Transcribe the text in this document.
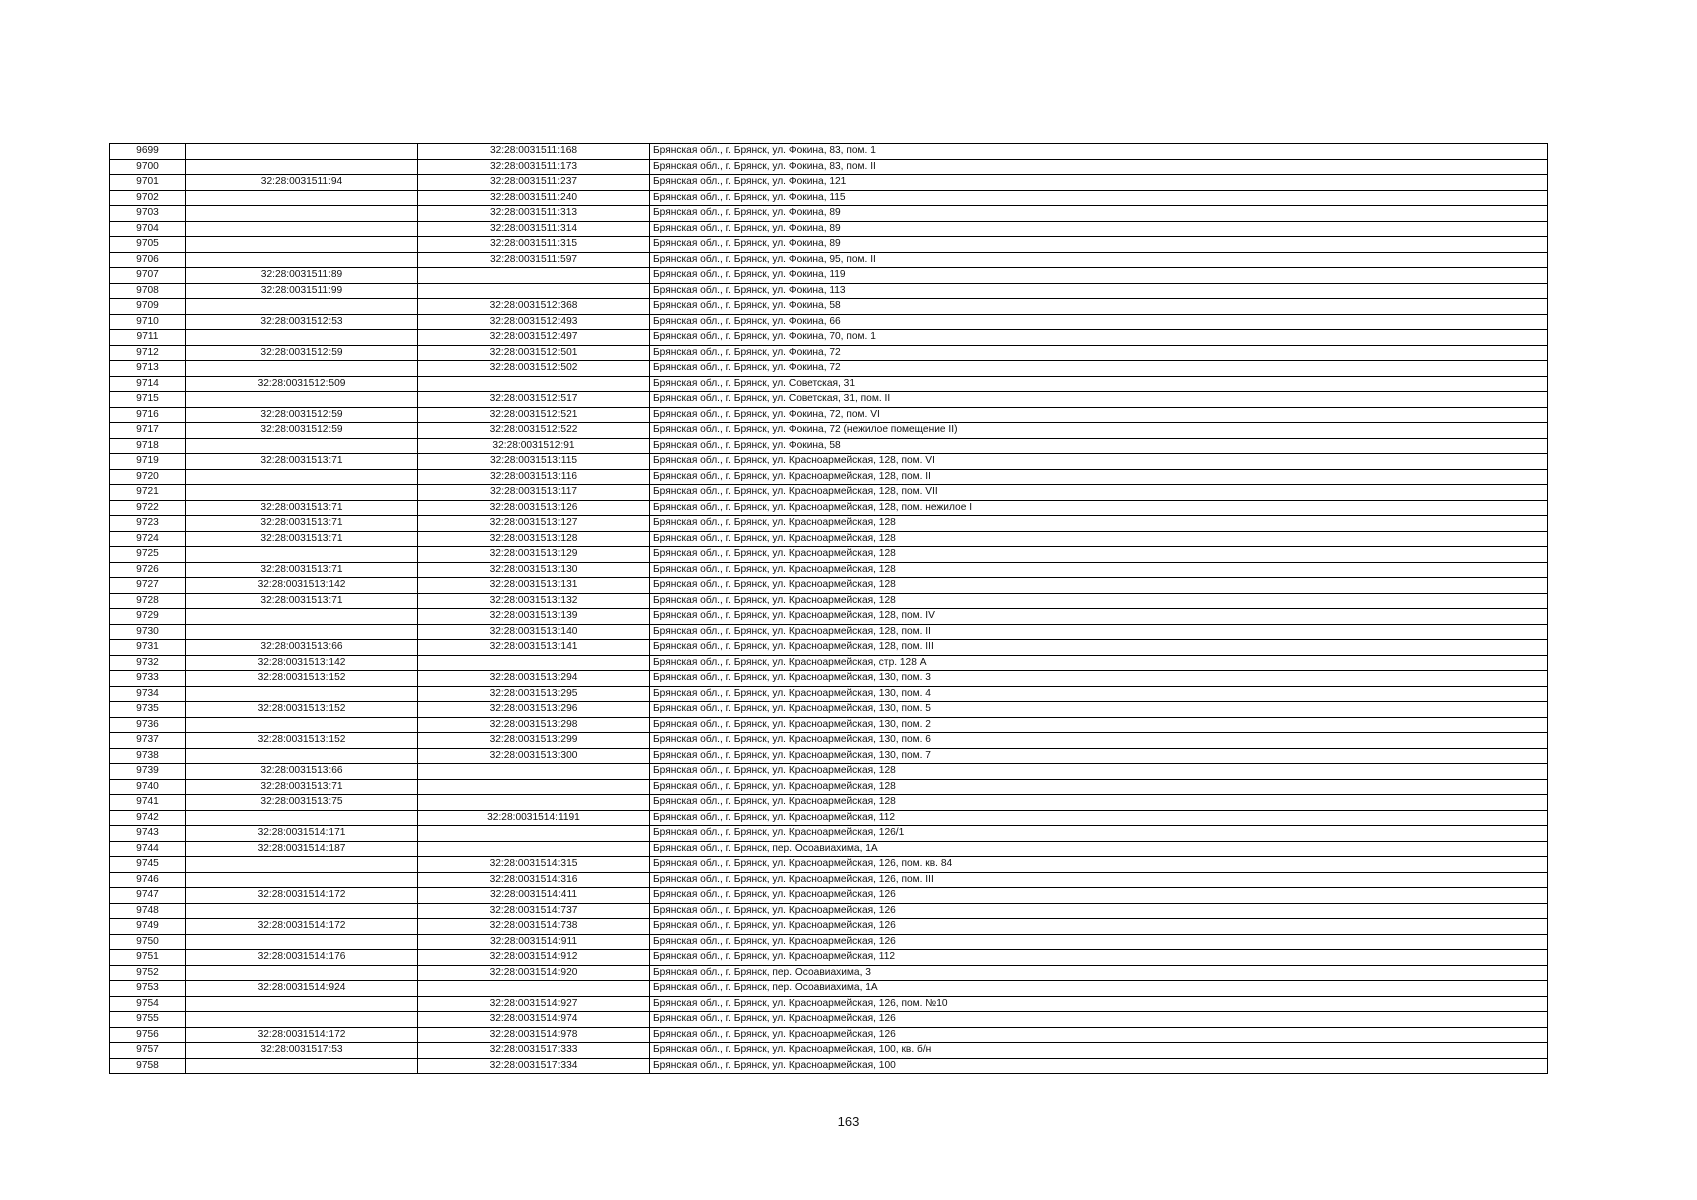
9699		32:28:0031511:168	Брянская обл., г. Брянск, ул. Фокина, 83, пом. 1
9700		32:28:0031511:173	Брянская обл., г. Брянск, ул. Фокина, 83, пом. II
9701	32:28:0031511:94	32:28:0031511:237	Брянская обл., г. Брянск, ул. Фокина, 121
9702		32:28:0031511:240	Брянская обл., г. Брянск, ул. Фокина, 115
9703		32:28:0031511:313	Брянская обл., г. Брянск, ул. Фокина, 89
9704		32:28:0031511:314	Брянская обл., г. Брянск, ул. Фокина, 89
9705		32:28:0031511:315	Брянская обл., г. Брянск, ул. Фокина, 89
9706		32:28:0031511:597	Брянская обл., г. Брянск, ул. Фокина, 95, пом. II
9707	32:28:0031511:89		Брянская обл., г. Брянск, ул. Фокина, 119
9708	32:28:0031511:99		Брянская обл., г. Брянск, ул. Фокина, 113
9709		32:28:0031512:368	Брянская обл., г. Брянск, ул. Фокина, 58
9710	32:28:0031512:53	32:28:0031512:493	Брянская обл., г. Брянск, ул. Фокина, 66
9711		32:28:0031512:497	Брянская обл., г. Брянск, ул. Фокина, 70, пом. 1
9712	32:28:0031512:59	32:28:0031512:501	Брянская обл., г. Брянск, ул. Фокина, 72
9713		32:28:0031512:502	Брянская обл., г. Брянск, ул. Фокина, 72
9714	32:28:0031512:509		Брянская обл., г. Брянск, ул. Советская, 31
9715		32:28:0031512:517	Брянская обл., г. Брянск, ул. Советская, 31, пом. II
9716	32:28:0031512:59	32:28:0031512:521	Брянская обл., г. Брянск, ул. Фокина, 72, пом. VI
9717	32:28:0031512:59	32:28:0031512:522	Брянская обл., г. Брянск, ул. Фокина, 72 (нежилое помещение II)
9718		32:28:0031512:91	Брянская обл., г. Брянск, ул. Фокина, 58
9719	32:28:0031513:71	32:28:0031513:115	Брянская обл., г. Брянск, ул. Красноармейская, 128, пом. VI
9720		32:28:0031513:116	Брянская обл., г. Брянск, ул. Красноармейская, 128, пом. II
9721		32:28:0031513:117	Брянская обл., г. Брянск, ул. Красноармейская, 128, пом. VII
9722	32:28:0031513:71	32:28:0031513:126	Брянская обл., г. Брянск, ул. Красноармейская, 128, пом. нежилое I
9723	32:28:0031513:71	32:28:0031513:127	Брянская обл., г. Брянск, ул. Красноармейская, 128
9724	32:28:0031513:71	32:28:0031513:128	Брянская обл., г. Брянск, ул. Красноармейская, 128
9725		32:28:0031513:129	Брянская обл., г. Брянск, ул. Красноармейская, 128
9726	32:28:0031513:71	32:28:0031513:130	Брянская обл., г. Брянск, ул. Красноармейская, 128
9727	32:28:0031513:142	32:28:0031513:131	Брянская обл., г. Брянск, ул. Красноармейская, 128
9728	32:28:0031513:71	32:28:0031513:132	Брянская обл., г. Брянск, ул. Красноармейская, 128
9729		32:28:0031513:139	Брянская обл., г. Брянск, ул. Красноармейская, 128, пом. IV
9730		32:28:0031513:140	Брянская обл., г. Брянск, ул. Красноармейская, 128, пом. II
9731	32:28:0031513:66	32:28:0031513:141	Брянская обл., г. Брянск, ул. Красноармейская, 128, пом. III
9732	32:28:0031513:142		Брянская обл., г. Брянск, ул. Красноармейская, стр. 128 А
9733	32:28:0031513:152	32:28:0031513:294	Брянская обл., г. Брянск, ул. Красноармейская, 130, пом. 3
9734		32:28:0031513:295	Брянская обл., г. Брянск, ул. Красноармейская, 130, пом. 4
9735	32:28:0031513:152	32:28:0031513:296	Брянская обл., г. Брянск, ул. Красноармейская, 130, пом. 5
9736		32:28:0031513:298	Брянская обл., г. Брянск, ул. Красноармейская, 130, пом. 2
9737	32:28:0031513:152	32:28:0031513:299	Брянская обл., г. Брянск, ул. Красноармейская, 130, пом. 6
9738		32:28:0031513:300	Брянская обл., г. Брянск, ул. Красноармейская, 130, пом. 7
9739	32:28:0031513:66		Брянская обл., г. Брянск, ул. Красноармейская, 128
9740	32:28:0031513:71		Брянская обл., г. Брянск, ул. Красноармейская, 128
9741	32:28:0031513:75		Брянская обл., г. Брянск, ул. Красноармейская, 128
9742		32:28:0031514:1191	Брянская обл., г. Брянск, ул. Красноармейская, 112
9743	32:28:0031514:171		Брянская обл., г. Брянск, ул. Красноармейская, 126/1
9744	32:28:0031514:187		Брянская обл., г. Брянск, пер. Осоавиахима, 1А
9745		32:28:0031514:315	Брянская обл., г. Брянск, ул. Красноармейская, 126, пом. кв. 84
9746		32:28:0031514:316	Брянская обл., г. Брянск, ул. Красноармейская, 126, пом. III
9747	32:28:0031514:172	32:28:0031514:411	Брянская обл., г. Брянск, ул. Красноармейская, 126
9748		32:28:0031514:737	Брянская обл., г. Брянск, ул. Красноармейская, 126
9749	32:28:0031514:172	32:28:0031514:738	Брянская обл., г. Брянск, ул. Красноармейская, 126
9750		32:28:0031514:911	Брянская обл., г. Брянск, ул. Красноармейская, 126
9751	32:28:0031514:176	32:28:0031514:912	Брянская обл., г. Брянск, ул. Красноармейская, 112
9752		32:28:0031514:920	Брянская обл., г. Брянск, пер. Осоавиахима, 3
9753	32:28:0031514:924		Брянская обл., г. Брянск, пер. Осоавиахима, 1А
9754		32:28:0031514:927	Брянская обл., г. Брянск, ул. Красноармейская, 126, пом. №10
9755		32:28:0031514:974	Брянская обл., г. Брянск, ул. Красноармейская, 126
9756	32:28:0031514:172	32:28:0031514:978	Брянская обл., г. Брянск, ул. Красноармейская, 126
9757	32:28:0031517:53	32:28:0031517:333	Брянская обл., г. Брянск, ул. Красноармейская, 100, кв. б/н
9758		32:28:0031517:334	Брянская обл., г. Брянск, ул. Красноармейская, 100
163
